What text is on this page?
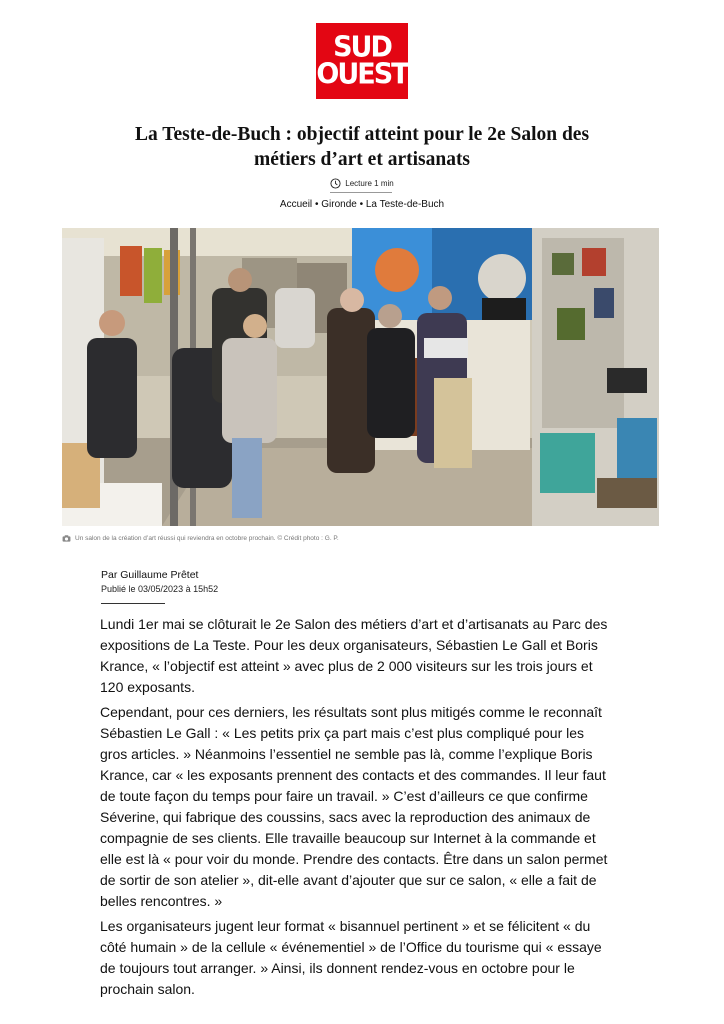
SUD
OUEST
La Teste-de-Buch : objectif atteint pour le 2e Salon des métiers d’art et artisanats
Lecture 1 min
Accueil • Gironde • La Teste-de-Buch
Un salon de la création d’art réussi qui reviendra en octobre prochain. © Crédit photo : G. P.
Par Guillaume Prêtet
Publié le 03/05/2023 à 15h52

Lundi 1er mai se clôturait le 2e Salon des métiers d’art et d’artisanats au Parc des expositions de La Teste. Pour les deux organisateurs, Sébastien Le Gall et Boris Krance, « l’objectif est atteint » avec plus de 2 000 visiteurs sur les trois jours et 120 exposants.

Cependant, pour ces derniers, les résultats sont plus mitigés comme le reconnaît Sébastien Le Gall : « Les petits prix ça part mais c’est plus compliqué pour les gros articles. » Néanmoins l’essentiel ne semble pas là, comme l’explique Boris Krance, car « les exposants prennent des contacts et des commandes. Il leur faut de toute façon du temps pour faire un travail. » C’est d’ailleurs ce que confirme Séverine, qui fabrique des coussins, sacs avec la reproduction des animaux de compagnie de ses clients. Elle travaille beaucoup sur Internet à la commande et elle est là « pour voir du monde. Prendre des contacts. Être dans un salon permet de sortir de son atelier », dit-elle avant d’ajouter que sur ce salon, « elle a fait de belles rencontres. »

Les organisateurs jugent leur format « bisannuel pertinent » et se félicitent « du côté humain » de la cellule « événementiel » de l’Office du tourisme qui « essaye de toujours tout arranger. » Ainsi, ils donnent rendez-vous en octobre pour le prochain salon.
